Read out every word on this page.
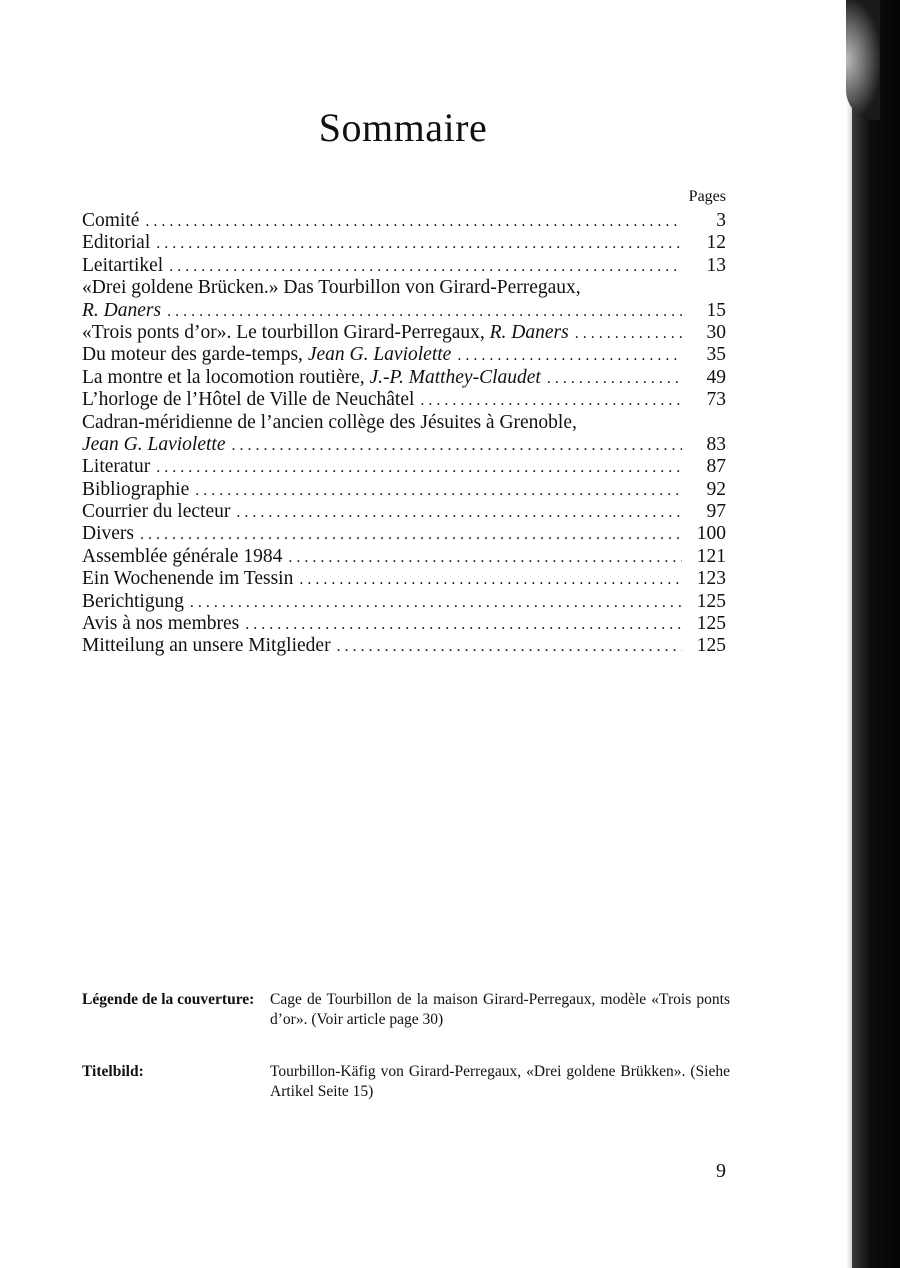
Sommaire
Pages
Comité . . .	3
Editorial . . .	12
Leitartikel . . .	13
«Drei goldene Brücken.» Das Tourbillon von Girard-Perregaux,
R. Daners . . .	15
«Trois ponts d’or». Le tourbillon Girard-Perregaux, R. Daners . . .	30
Du moteur des garde-temps, Jean G. Laviolette . . .	35
La montre et la locomotion routière, J.-P. Matthey-Claudet . . .	49
L’horloge de l’Hôtel de Ville de Neuchâtel . . .	73
Cadran-méridienne de l’ancien collège des Jésuites à Grenoble,
Jean G. Laviolette . . .	83
Literatur . . .	87
Bibliographie . . .	92
Courrier du lecteur . . .	97
Divers . . .	100
Assemblée générale 1984 . . .	121
Ein Wochenende im Tessin . . .	123
Berichtigung . . .	125
Avis à nos membres . . .	125
Mitteilung an unsere Mitglieder . . .	125
Légende de la couverture:	Cage de Tourbillon de la maison Girard-Perregaux, modèle «Trois ponts d’or». (Voir article page 30)
Titelbild:	Tourbillon-Käfig von Girard-Perregaux, «Drei goldene Brükken». (Siehe Artikel Seite 15)
9
